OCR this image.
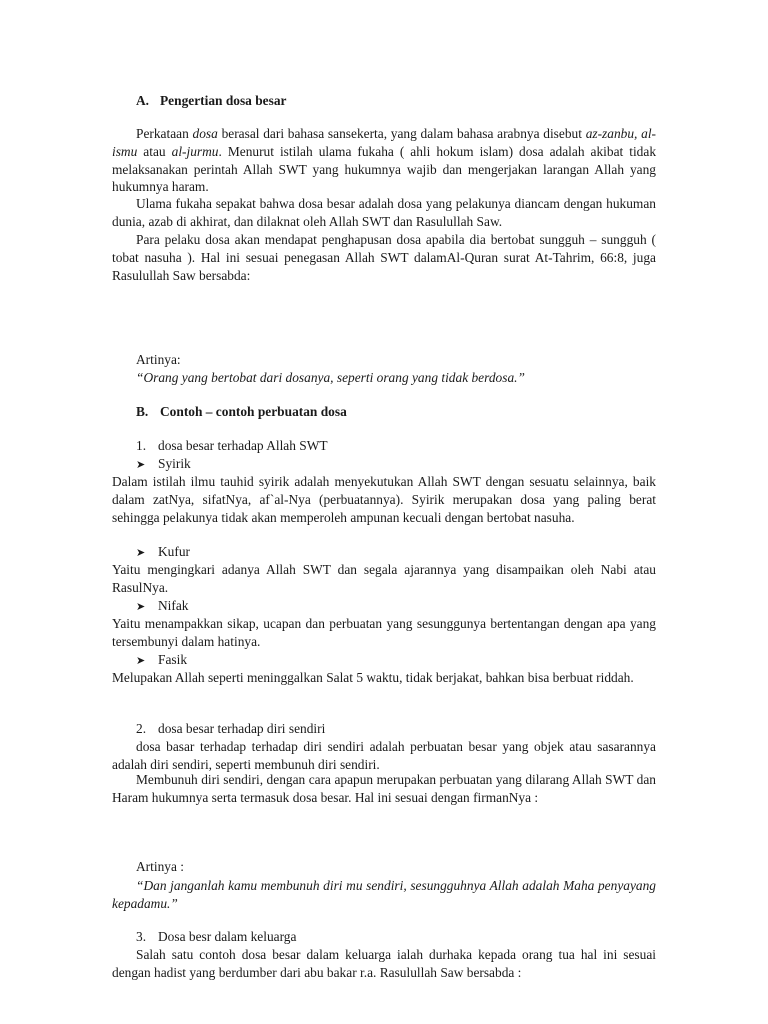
A. Pengertian dosa besar

Perkataan dosa berasal dari bahasa sansekerta, yang dalam bahasa arabnya disebut az-zanbu, al-ismu atau al-jurmu. Menurut istilah ulama fukaha ( ahli hokum islam) dosa adalah akibat tidak melaksanakan perintah Allah SWT yang hukumnya wajib dan mengerjakan larangan Allah yang hukumnya haram.

Ulama fukaha sepakat bahwa dosa besar adalah dosa yang pelakunya diancam dengan hukuman dunia, azab di akhirat, dan dilaknat oleh Allah SWT dan Rasulullah Saw.

Para pelaku dosa akan mendapat penghapusan dosa apabila dia bertobat sungguh – sungguh ( tobat nasuha ). Hal ini sesuai penegasan Allah SWT dalamAl-Quran surat At-Tahrim, 66:8, juga Rasulullah Saw bersabda:

Artinya:

“Orang yang bertobat dari dosanya, seperti orang yang tidak berdosa.”

B. Contoh – contoh perbuatan dosa
1. dosa besar terhadap Allah SWT
➤ Syirik

Dalam istilah ilmu tauhid syirik adalah menyekutukan Allah SWT dengan sesuatu selainnya, baik dalam zatNya, sifatNya, af`al-Nya (perbuatannya). Syirik merupakan dosa yang paling berat sehingga pelakunya tidak akan memperoleh ampunan kecuali dengan bertobat nasuha.

➤ Kufur

Yaitu mengingkari adanya Allah SWT dan segala ajarannya yang disampaikan oleh Nabi atau RasulNya.

➤ Nifak

Yaitu menampakkan sikap, ucapan dan perbuatan yang sesunggunya bertentangan dengan apa yang tersembunyi dalam hatinya.

➤ Fasik

Melupakan Allah seperti meninggalkan Salat 5 waktu, tidak berjakat, bahkan bisa berbuat riddah.

2. dosa besar terhadap diri sendiri

dosa basar terhadap terhadap diri sendiri adalah perbuatan besar yang objek atau sasarannya adalah diri sendiri, seperti membunuh diri sendiri.

Membunuh diri sendiri, dengan cara apapun merupakan perbuatan yang dilarang Allah SWT dan Haram hukumnya serta termasuk dosa besar. Hal ini sesuai dengan firmanNya :

Artinya :

“Dan janganlah kamu membunuh diri mu sendiri, sesungguhnya Allah adalah Maha penyayang kepadamu.”

3. Dosa besr dalam keluarga

Salah satu contoh dosa besar dalam keluarga ialah durhaka kepada orang tua hal ini sesuai dengan hadist yang berdumber dari abu bakar r.a. Rasulullah Saw bersabda :
